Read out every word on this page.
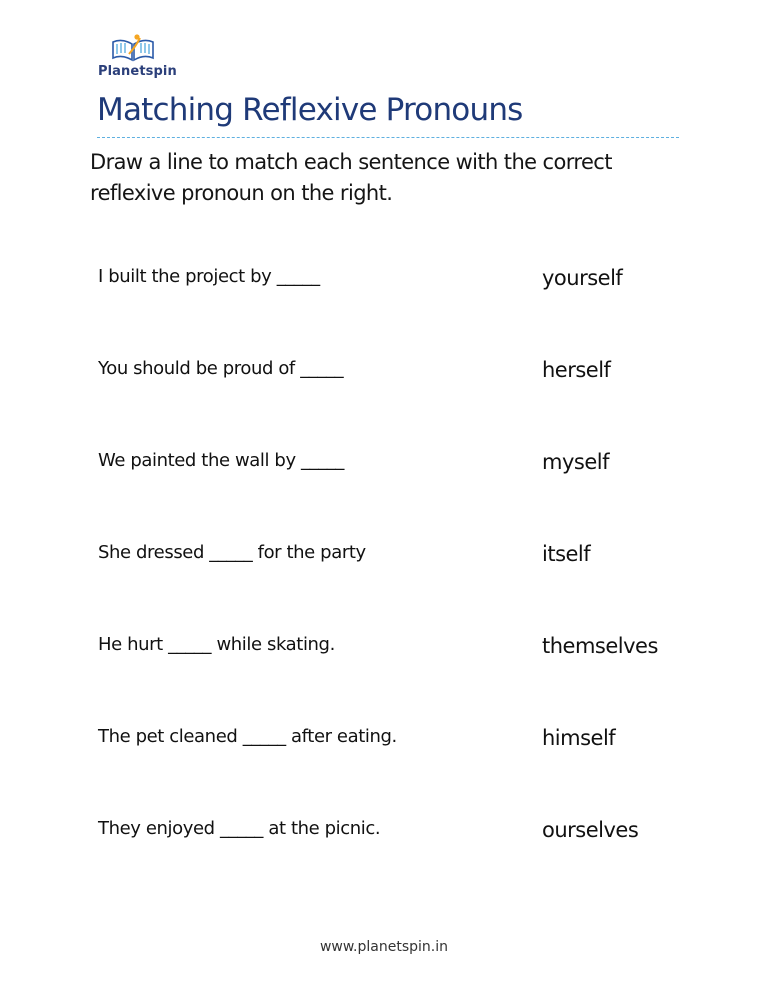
Planetspin
Matching Reflexive Pronouns
Draw a line to match each sentence with the correct reflexive pronoun on the right.
I built the project by _____	yourself
You should be proud of _____	herself
We painted the wall by _____	myself
She dressed _____ for the party	itself
He hurt _____ while skating.	themselves
The pet cleaned _____ after eating.	himself
They enjoyed _____ at the picnic.	ourselves
www.planetspin.in
